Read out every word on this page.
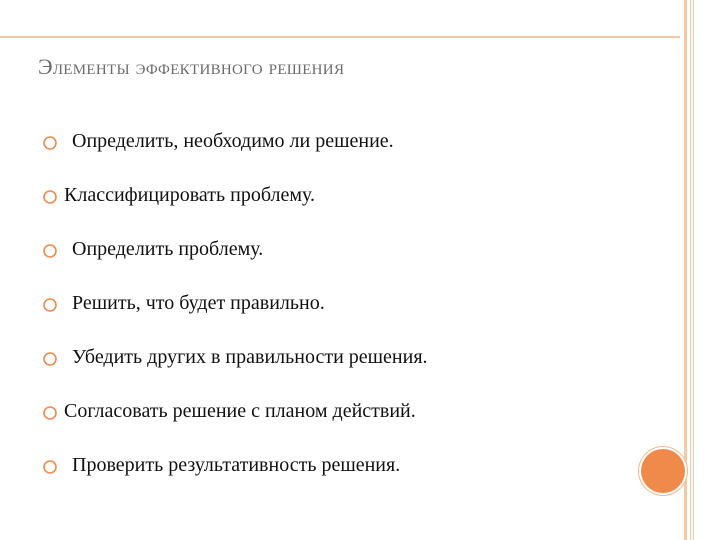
Элементы эффективного решения
Определить, необходимо ли решение.
Классифицировать проблему.
Определить проблему.
Решить, что будет правильно.
Убедить других в правильности решения.
Согласовать решение с планом действий.
Проверить результативность решения.
